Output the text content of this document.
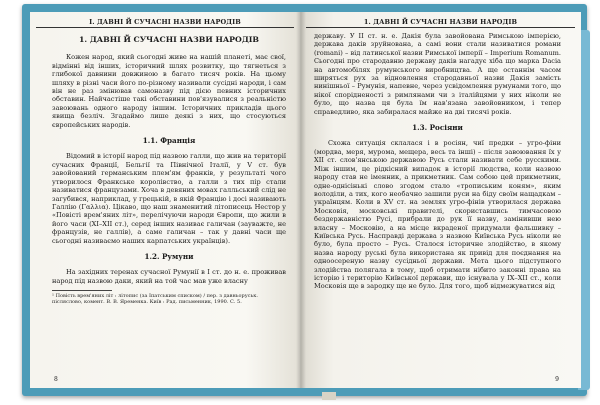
I. ДАВНІ Й СУЧАСНІ НАЗВИ НАРОДІВ
1. ДАВНІ Й СУЧАСНІ НАЗВИ НАРОДІВ

Кожен народ, який сьогодні живе на нашій планеті, має свої, відмінні від інших, історичний шлях розвитку, що тягнеться з глибокої давнини довжиною в багато тисяч років. На цьому шляху в різні часи його по-різному називали сусідні народи, і сам він не раз змінював самоназву під дією певних історичних обставин. Найчастіше такі обставини пов'язувалися з реальністю завоювань одного народу іншим. Історичних прикладів цього явища безліч. Згадаймо лише деякі з них, що стосуються європейських народів.

1.1. Франція

Відомий в історії народ під назвою галли, що жив на території сучасних Франції, Бельгії та Північної Італії, у V ст. був завойований германським плем'ям франків, у результаті чого утворилося Франкське королівство, а галли з тих пір стали називатися французами. Хоча в девяних мовах галльський слід не загубився, наприклад, у грецькій, в якій Францію і досі називають Галлію (Γαλλια). Цікаво, що наш знаменитий літописець Нестор у «Повісті врем'яних літ», перелічуючи народи Європи, що жили в його часи (XI–XII ст.), серед інших називає галичан (зауважте, не французів, не галлів), а саме галичан – так у давні часи ще сьогодні називаємо наших карпатських українців).

1.2. Румуни

На західних теренах сучасної Румунії в I ст. до н. е. проживав народ під назвою даки, який на той час мав уже власну

¹ Повість врем'яних літ : літопис (за Іпатським списком) / пер. з давньоруськ. післяслово, комент. В. В. Яременка. Київ : Рад. письменник, 1990. С. 5.
8
1. ДАВНІ Й СУЧАСНІ НАЗВИ НАРОДІВ

державу. У II ст. н. е. Дакія була завойована Римською імперією, держава даків зруйнована, а самі вони стали називатися романи (romani) – від латинської назви Римської імперії – Imperium Romanum. Сьогодні про стародавню державу даків нагадує хіба що марка Dacia на автомобілях румунського виробництва. А ще останнім часом ширяться рух за відновлення стародавньої назви Дакія замість нинішньої – Румунія, напевне, через усвідомлення румунами того, що нікої спорідненості з римлянами чи з італійцями у них ніколи не було, що назва ця була їм нав'язана завойовником, і тепер справедливо, яка забиралася майже на дві тисячі років.

1.3. Росіяни

Схожа ситуація склалася і в росіян, чиї предки – угро-фіни (мордва, меря, мурома, мещера, весь та інші) – після завоювання їх у XII ст. слов'янською державою Русь стали називати себе русскими. Між іншим, це рідкісний випадок в історії людства, коли назвою народу став не іменник, а прикметник. Сам собою цей прикметник, одне-однісінькі слово згодом стало «тропиським коням», яким володіли, а тих, кого необачно зашили руси на біду своїм нащадкам – українцям. Коли в XV ст. на землях угро-фінів утворилася держава Московія, московські правителі, скориставшись тимчасовою бездержавністю Русі, прибрали до рук її назву, замінивши нею власну – Московію, а на місце вкраденої придумали фальшивку – Київська Русь. Насправді держава з назвою Київська Русь ніколи не було, була просто – Русь. Сталося історичне злодійство, в якому назва народу руські була використана як привід для поєднання на одноосереную назву сусідньої держави. Мета цього підступного злодійства полягала в тому, щоб отримати нібито законні права на історію і територію Київської держави, що існувала у IX–XII ст., коли Московія ще в зародку ще не було. Для того, щоб відмежуватися від

9
